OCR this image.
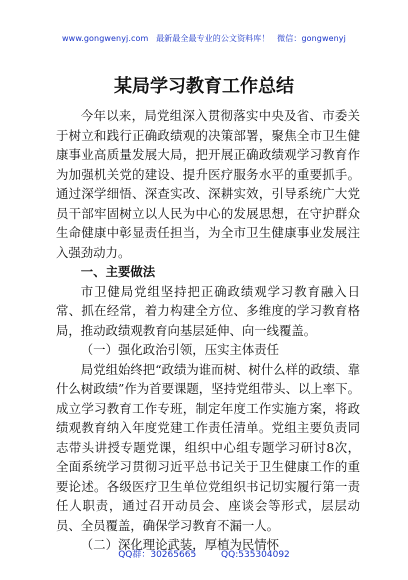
www.gongwenyj.com 最新最全最专业的公文资料库！ 微信：gongwenyj
某局学习教育工作总结

今年以来，局党组深入贯彻落实中央及省、市委关于树立和践行正确政绩观的决策部署，聚焦全市卫生健康事业高质量发展大局，把开展正确政绩观学习教育作为加强机关党的建设、提升医疗服务水平的重要抓手。通过深学细悟、深查实改、深耕实效，引导系统广大党员干部牢固树立以人民为中心的发展思想，在守护群众生命健康中彰显责任担当，为全市卫生健康事业发展注入强劲动力。

一、主要做法

市卫健局党组坚持把正确政绩观学习教育融入日常、抓在经常，着力构建全方位、多维度的学习教育格局，推动政绩观教育向基层延伸、向一线覆盖。

（一）强化政治引领，压实主体责任

局党组始终把“政绩为谁而树、树什么样的政绩、靠什么树政绩”作为首要课题，坚持党组带头、以上率下。成立学习教育工作专班，制定年度工作实施方案，将政绩观教育纳入年度党建工作责任清单。党组主要负责同志带头讲授专题党课，组织中心组专题学习研讨8次，全面系统学习贯彻习近平总书记关于卫生健康工作的重要论述。各级医疗卫生单位党组织书记切实履行第一责任人职责，通过召开动员会、座谈会等形式，层层动员、全员覆盖，确保学习教育不漏一人。

（二）深化理论武装，厚植为民情怀

QQ群：30265665	QQ:535304092
